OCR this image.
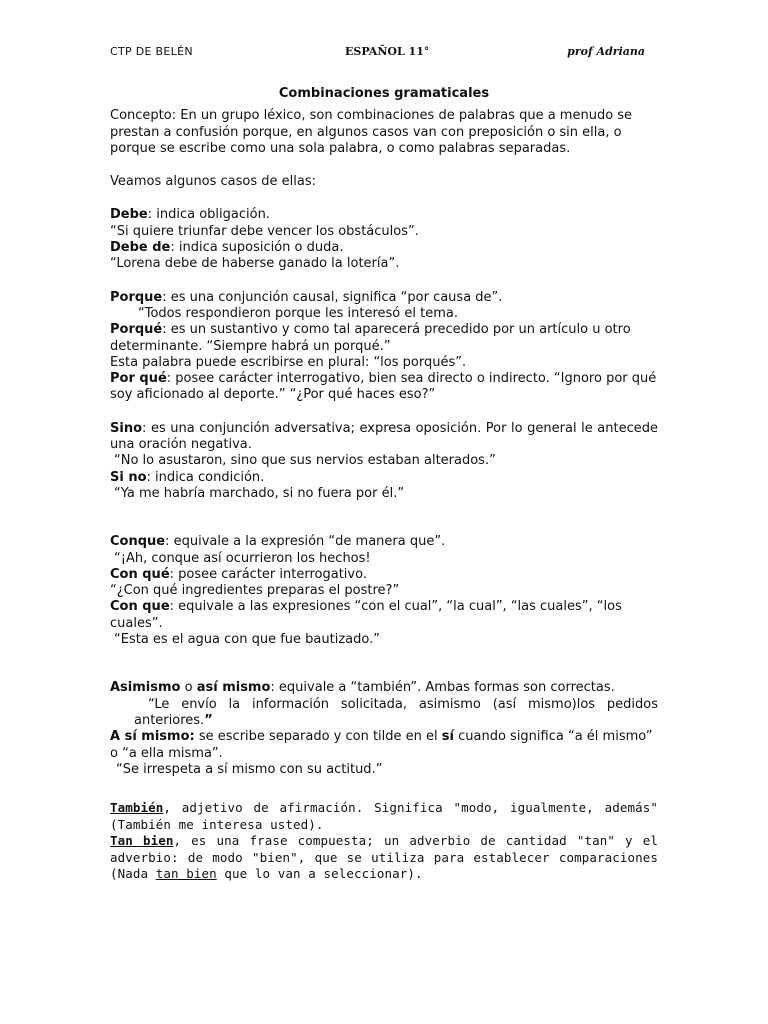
CTP DE BELÉN	ESPAÑOL 11°	prof Adriana

Combinaciones gramaticales

Concepto: En un grupo léxico, son combinaciones de palabras que a menudo se prestan a confusión porque, en algunos casos van con preposición o sin ella, o porque se escribe como una sola palabra, o como palabras separadas.

Veamos algunos casos de ellas:

Debe: indica obligación.

“Si quiere triunfar debe vencer los obstáculos”.

Debe de: indica suposición o duda.

“Lorena debe de haberse ganado la lotería”.

Porque: es una conjunción causal, significa “por causa de”.

“Todos respondieron porque les interesó el tema.

Porqué: es un sustantivo y como tal aparecerá precedido por un artículo u otro determinante. “Siempre habrá un porqué.”

Esta palabra puede escribirse en plural: “los porqués”.

Por qué: posee carácter interrogativo, bien sea directo o indirecto. “Ignoro por qué soy aficionado al deporte.” “¿Por qué haces eso?”

Sino: es una conjunción adversativa; expresa oposición. Por lo general le antecede una oración negativa.

“No lo asustaron, sino que sus nervios estaban alterados.”

Si no: indica condición.

“Ya me habría marchado, si no fuera por él.”

Conque: equivale a la expresión “de manera que”.

“¡Ah, conque así ocurrieron los hechos!

Con qué: posee carácter interrogativo.

“¿Con qué ingredientes preparas el postre?”

Con que: equivale a las expresiones “con el cual”, “la cual”, “las cuales”, “los cuales”.

“Esta es el agua con que fue bautizado.”

Asimismo o así mismo: equivale a “también”. Ambas formas son correctas.

“Le envío la información solicitada, asimismo (así mismo)los pedidos anteriores.”

A sí mismo: se escribe separado y con tilde en el sí cuando significa “a él mismo” o “a ella misma”.

“Se irrespeta a sí mismo con su actitud.”

También, adjetivo de afirmación. Significa "modo, igualmente, además" (También me interesa usted).

Tan bien, es una frase compuesta; un adverbio de cantidad "tan" y el adverbio: de modo "bien", que se utiliza para establecer comparaciones (Nada tan bien que lo van a seleccionar).
